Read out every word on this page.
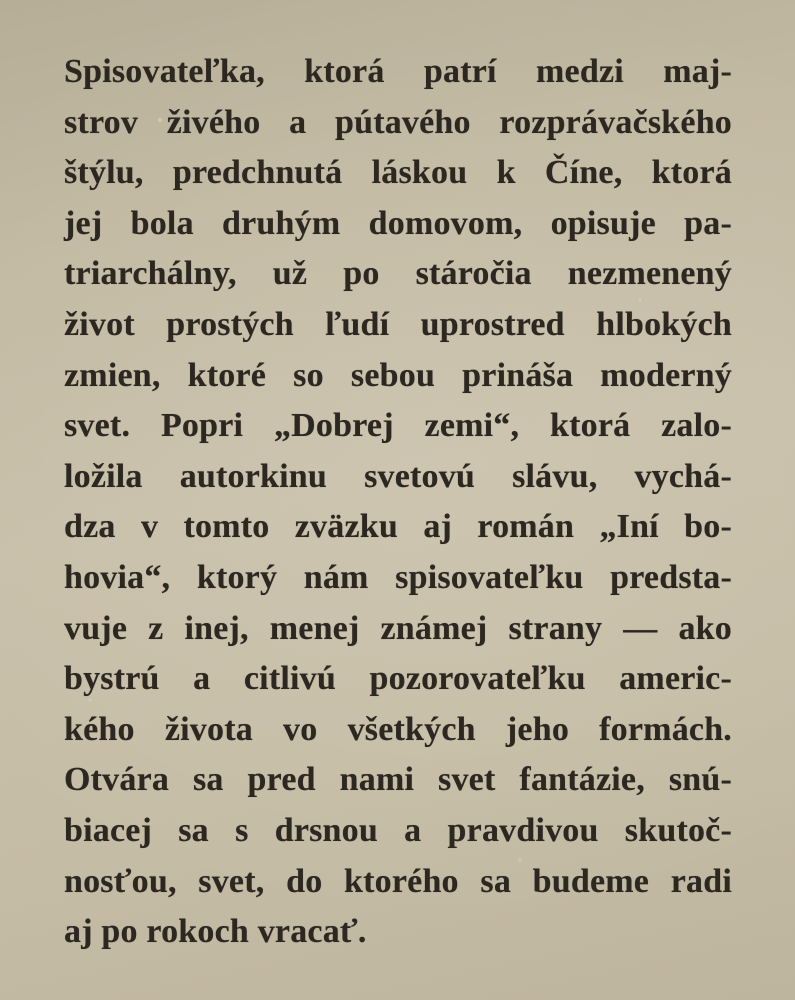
Spisovateľka, ktorá patrí medzi maj-
strov živého a pútavého rozprávačského
štýlu, predchnutá láskou k Číne, ktorá
jej bola druhým domovom, opisuje pa-
triarchálny, už po stáročia nezmenený
život prostých ľudí uprostred hlbokých
zmien, ktoré so sebou prináša moderný
svet. Popri „Dobrej zemi“, ktorá zalo-
ložila autorkinu svetovú slávu, vychá-
dza v tomto zväzku aj román „Iní bo-
hovia“, ktorý nám spisovateľku predsta-
vuje z inej, menej známej strany — ako
bystrú a citlivú pozorovateľku americ-
kého života vo všetkých jeho formách.
Otvára sa pred nami svet fantázie, snú-
biacej sa s drsnou a pravdivou skutoč-
nosťou, svet, do ktorého sa budeme radi
aj po rokoch vracať.
